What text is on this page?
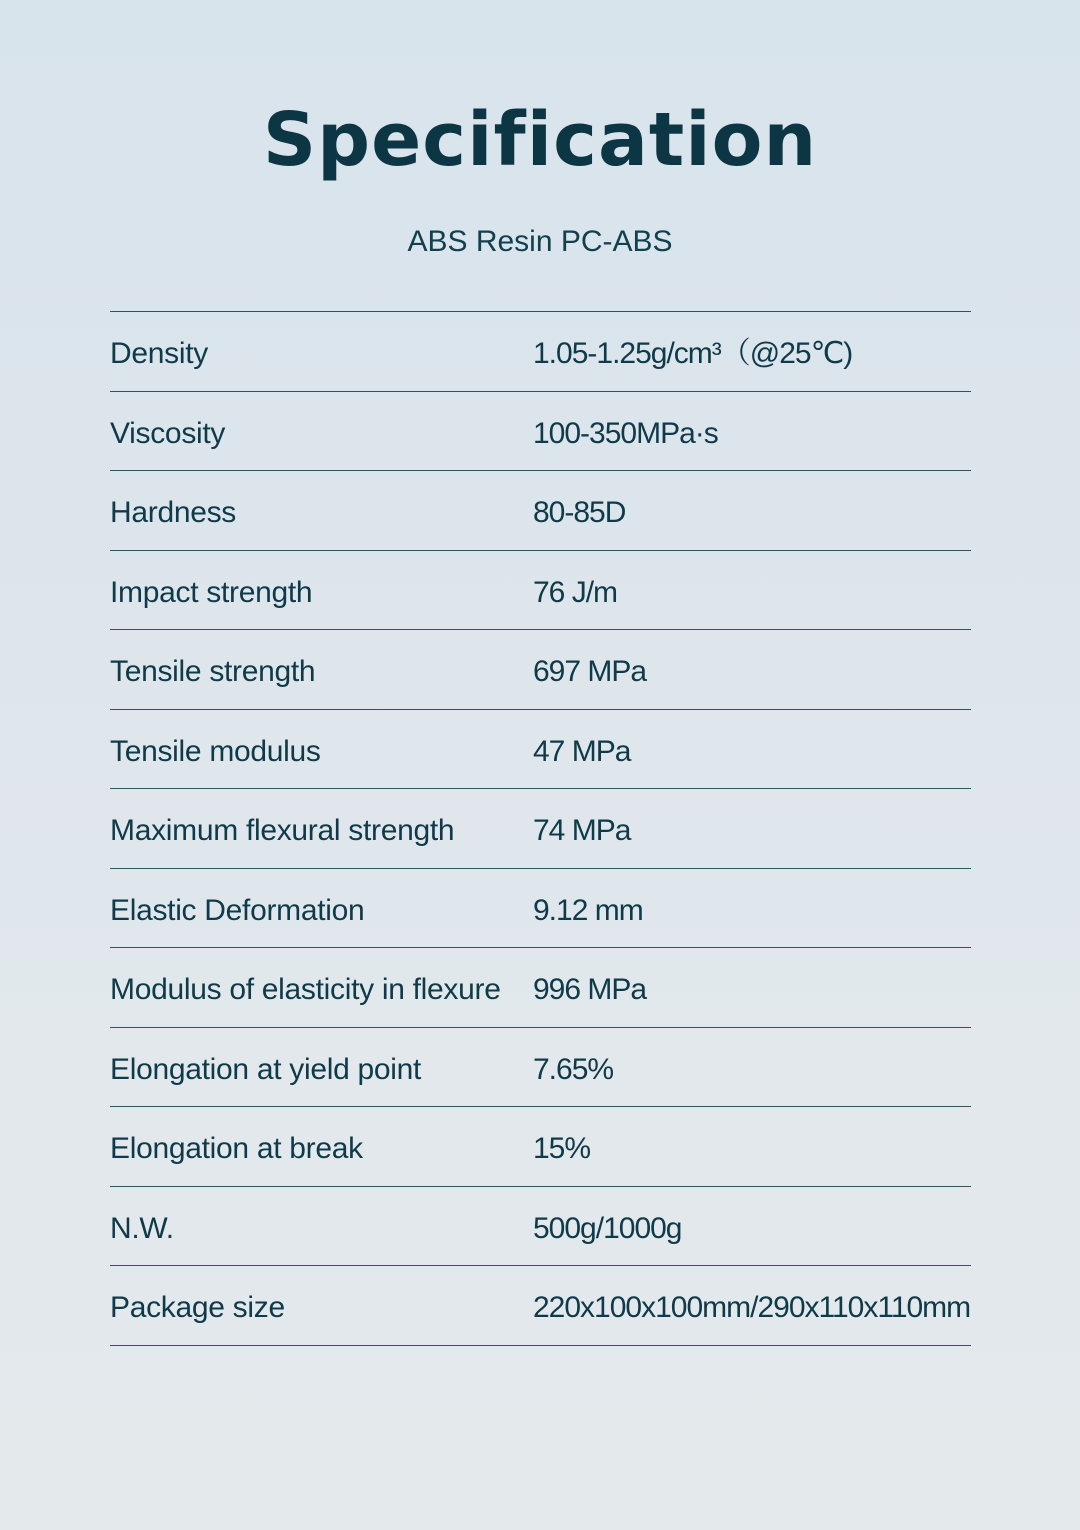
Specification
ABS Resin PC-ABS
Density	1.05-1.25g/cm³（@25℃)
Viscosity	100-350MPa·s
Hardness	80-85D
Impact strength	76 J/m
Tensile strength	697 MPa
Tensile modulus	47 MPa
Maximum flexural strength	74 MPa
Elastic Deformation	9.12 mm
Modulus of elasticity in flexure 996 MPa
Elongation at yield point	7.65%
Elongation at break	15%
N.W.	500g/1000g
Package size	220x100x100mm/290x110x110mm
